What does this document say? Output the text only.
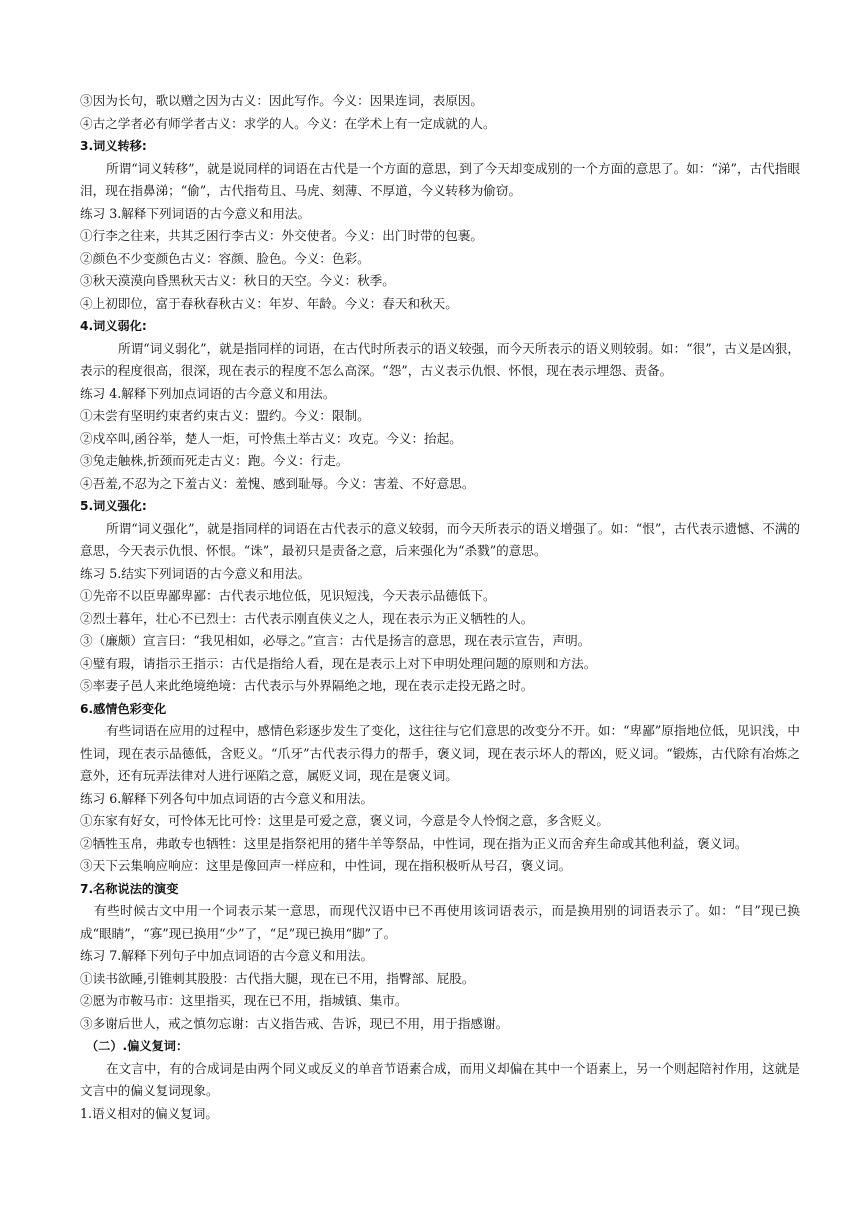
③因为长句，歌以赠之因为古义：因此写作。今义：因果连词，表原因。
④古之学者必有师学者古义：求学的人。今义：在学术上有一定成就的人。
3.词义转移:
所谓“词义转移”，就是说同样的词语在古代是一个方面的意思，到了今天却变成别的一个方面的意思了。如：“涕”，古代指眼泪，现在指鼻涕；“偷”，古代指苟且、马虎、刻薄、不厚道，今义转移为偷窃。
练习 3.解释下列词语的古今意义和用法。
①行李之往来，共其乏困行李古义：外交使者。今义：出门时带的包裹。
②颜色不少变颜色古义：容颜、脸色。今义：色彩。
③秋天漠漠向昏黑秋天古义：秋日的天空。今义：秋季。
④上初即位，富于春秋春秋古义：年岁、年龄。今义：春天和秋天。
4.词义弱化:
所谓“词义弱化”，就是指同样的词语，在古代时所表示的语义较强，而今天所表示的语义则较弱。如：“很”，古义是凶狠，表示的程度很高，很深，现在表示的程度不怎么高深。“怨”，古义表示仇恨、怀恨，现在表示埋怨、责备。
练习 4.解释下列加点词语的古今意义和用法。
①未尝有坚明约束者约束古义：盟约。今义：限制。
②戍卒叫,函谷举，楚人一炬，可怜焦土举古义：攻克。今义：抬起。
③兔走触株,折颈而死走古义：跑。今义：行走。
④吾羞,不忍为之下羞古义：羞愧、感到耻辱。今义：害羞、不好意思。
5.词义强化:
所谓“词义强化”，就是指同样的词语在古代表示的意义较弱，而今天所表示的语义增强了。如：“恨”，古代表示遗憾、不满的意思，今天表示仇恨、怀恨。“诛”，最初只是责备之意，后来强化为“杀戮”的意思。
练习 5.结实下列词语的古今意义和用法。
①先帝不以臣卑鄙卑鄙：古代表示地位低，见识短浅，今天表示品德低下。
②烈士暮年，壮心不已烈士：古代表示刚直侠义之人，现在表示为正义牺牲的人。
③（廉颇）宣言曰：“我见相如，必辱之。”宣言：古代是扬言的意思，现在表示宣告，声明。
④璧有瑕，请指示王指示：古代是指给人看，现在是表示上对下申明处理问题的原则和方法。
⑤率妻子邑人来此绝境绝境：古代表示与外界隔绝之地，现在表示走投无路之时。
6.感情色彩变化
有些词语在应用的过程中，感情色彩逐步发生了变化，这往往与它们意思的改变分不开。如：“卑鄙”原指地位低，见识浅，中性词，现在表示品德低，含贬义。“爪牙”古代表示得力的帮手，褒义词，现在表示坏人的帮凶，贬义词。“锻炼，古代除有冶炼之意外，还有玩弄法律对人进行诬陷之意，属贬义词，现在是褒义词。
练习 6.解释下列各句中加点词语的古今意义和用法。
①东家有好女，可怜体无比可怜：这里是可爱之意，褒义词，今意是令人怜悯之意，多含贬义。
②牺牲玉帛，弗敢专也牺牲：这里是指祭祀用的猪牛羊等祭品，中性词，现在指为正义而舍弃生命或其他利益，褒义词。
③天下云集响应响应：这里是像回声一样应和，中性词，现在指积极听从号召，褒义词。
7.名称说法的演变
有些时候古文中用一个词表示某一意思，而现代汉语中已不再使用该词语表示，而是换用别的词语表示了。如：“目”现已换成“眼睛”，“寡”现已换用“少”了，“足”现已换用“脚”了。
练习 7.解释下列句子中加点词语的古今意义和用法。
①读书欲睡,引锥刺其股股：古代指大腿，现在已不用，指臀部、屁股。
②愿为市鞍马市：这里指买，现在已不用，指城镇、集市。
③多谢后世人，戒之慎勿忘谢：古义指告戒、告诉，现已不用，用于指感谢。
（二）.偏义复词：
在文言中，有的合成词是由两个同义或反义的单音节语素合成，而用义却偏在其中一个语素上，另一个则起陪衬作用，这就是文言中的偏义复词现象。
1.语义相对的偏义复词。
